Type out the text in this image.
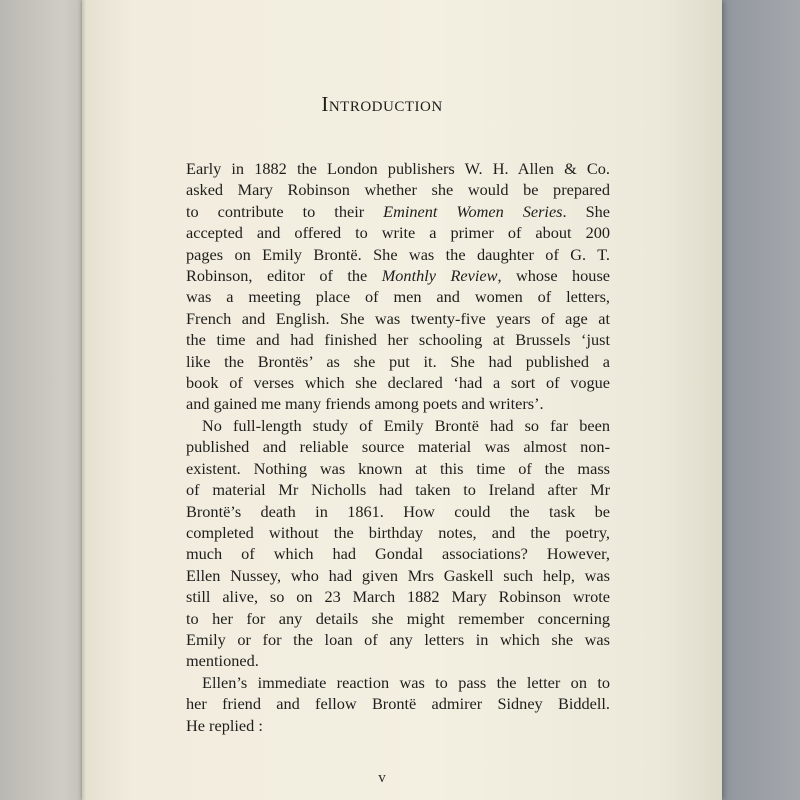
Introduction
Early in 1882 the London publishers W. H. Allen & Co.
asked Mary Robinson whether she would be prepared
to contribute to their Eminent Women Series. She
accepted and offered to write a primer of about 200
pages on Emily Brontë. She was the daughter of G. T.
Robinson, editor of the Monthly Review, whose house
was a meeting place of men and women of letters,
French and English. She was twenty-five years of age at
the time and had finished her schooling at Brussels ‘just
like the Brontës’ as she put it. She had published a
book of verses which she declared ‘had a sort of vogue
and gained me many friends among poets and writers’.
No full-length study of Emily Brontë had so far been
published and reliable source material was almost non-
existent. Nothing was known at this time of the mass
of material Mr Nicholls had taken to Ireland after Mr
Brontë’s death in 1861. How could the task be
completed without the birthday notes, and the poetry,
much of which had Gondal associations? However,
Ellen Nussey, who had given Mrs Gaskell such help, was
still alive, so on 23 March 1882 Mary Robinson wrote
to her for any details she might remember concerning
Emily or for the loan of any letters in which she was
mentioned.
Ellen’s immediate reaction was to pass the letter on to
her friend and fellow Brontë admirer Sidney Biddell.
He replied :
v
